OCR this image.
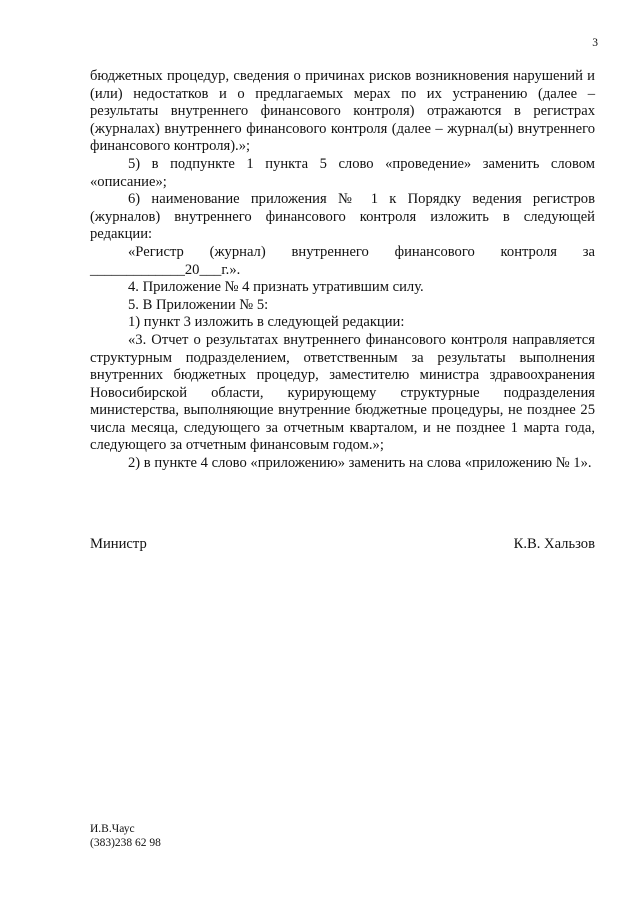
3

бюджетных процедур, сведения о причинах рисков возникновения нарушений и (или) недостатков и о предлагаемых мерах по их устранению (далее – результаты внутреннего финансового контроля) отражаются в регистрах (журналах) внутреннего финансового контроля (далее – журнал(ы) внутреннего финансового контроля).»;

5) в подпункте 1 пункта 5 слово «проведение» заменить словом «описание»;

6) наименование приложения № 1 к Порядку ведения регистров (журналов) внутреннего финансового контроля изложить в следующей редакции:

«Регистр (журнал) внутреннего финансового контроля за _____________20___г.».

4. Приложение № 4 признать утратившим силу.

5. В Приложении № 5:

1) пункт 3 изложить в следующей редакции:

«3. Отчет о результатах внутреннего финансового контроля направляется структурным подразделением, ответственным за результаты выполнения внутренних бюджетных процедур, заместителю министра здравоохранения Новосибирской области, курирующему структурные подразделения министерства, выполняющие внутренние бюджетные процедуры, не позднее 25 числа месяца, следующего за отчетным кварталом, и не позднее 1 марта года, следующего за отчетным финансовым годом.»;

2) в пункте 4 слово «приложению» заменить на слова «приложению № 1».

Министр	К.В. Хальзов
И.В.Чаус
(383)238 62 98
